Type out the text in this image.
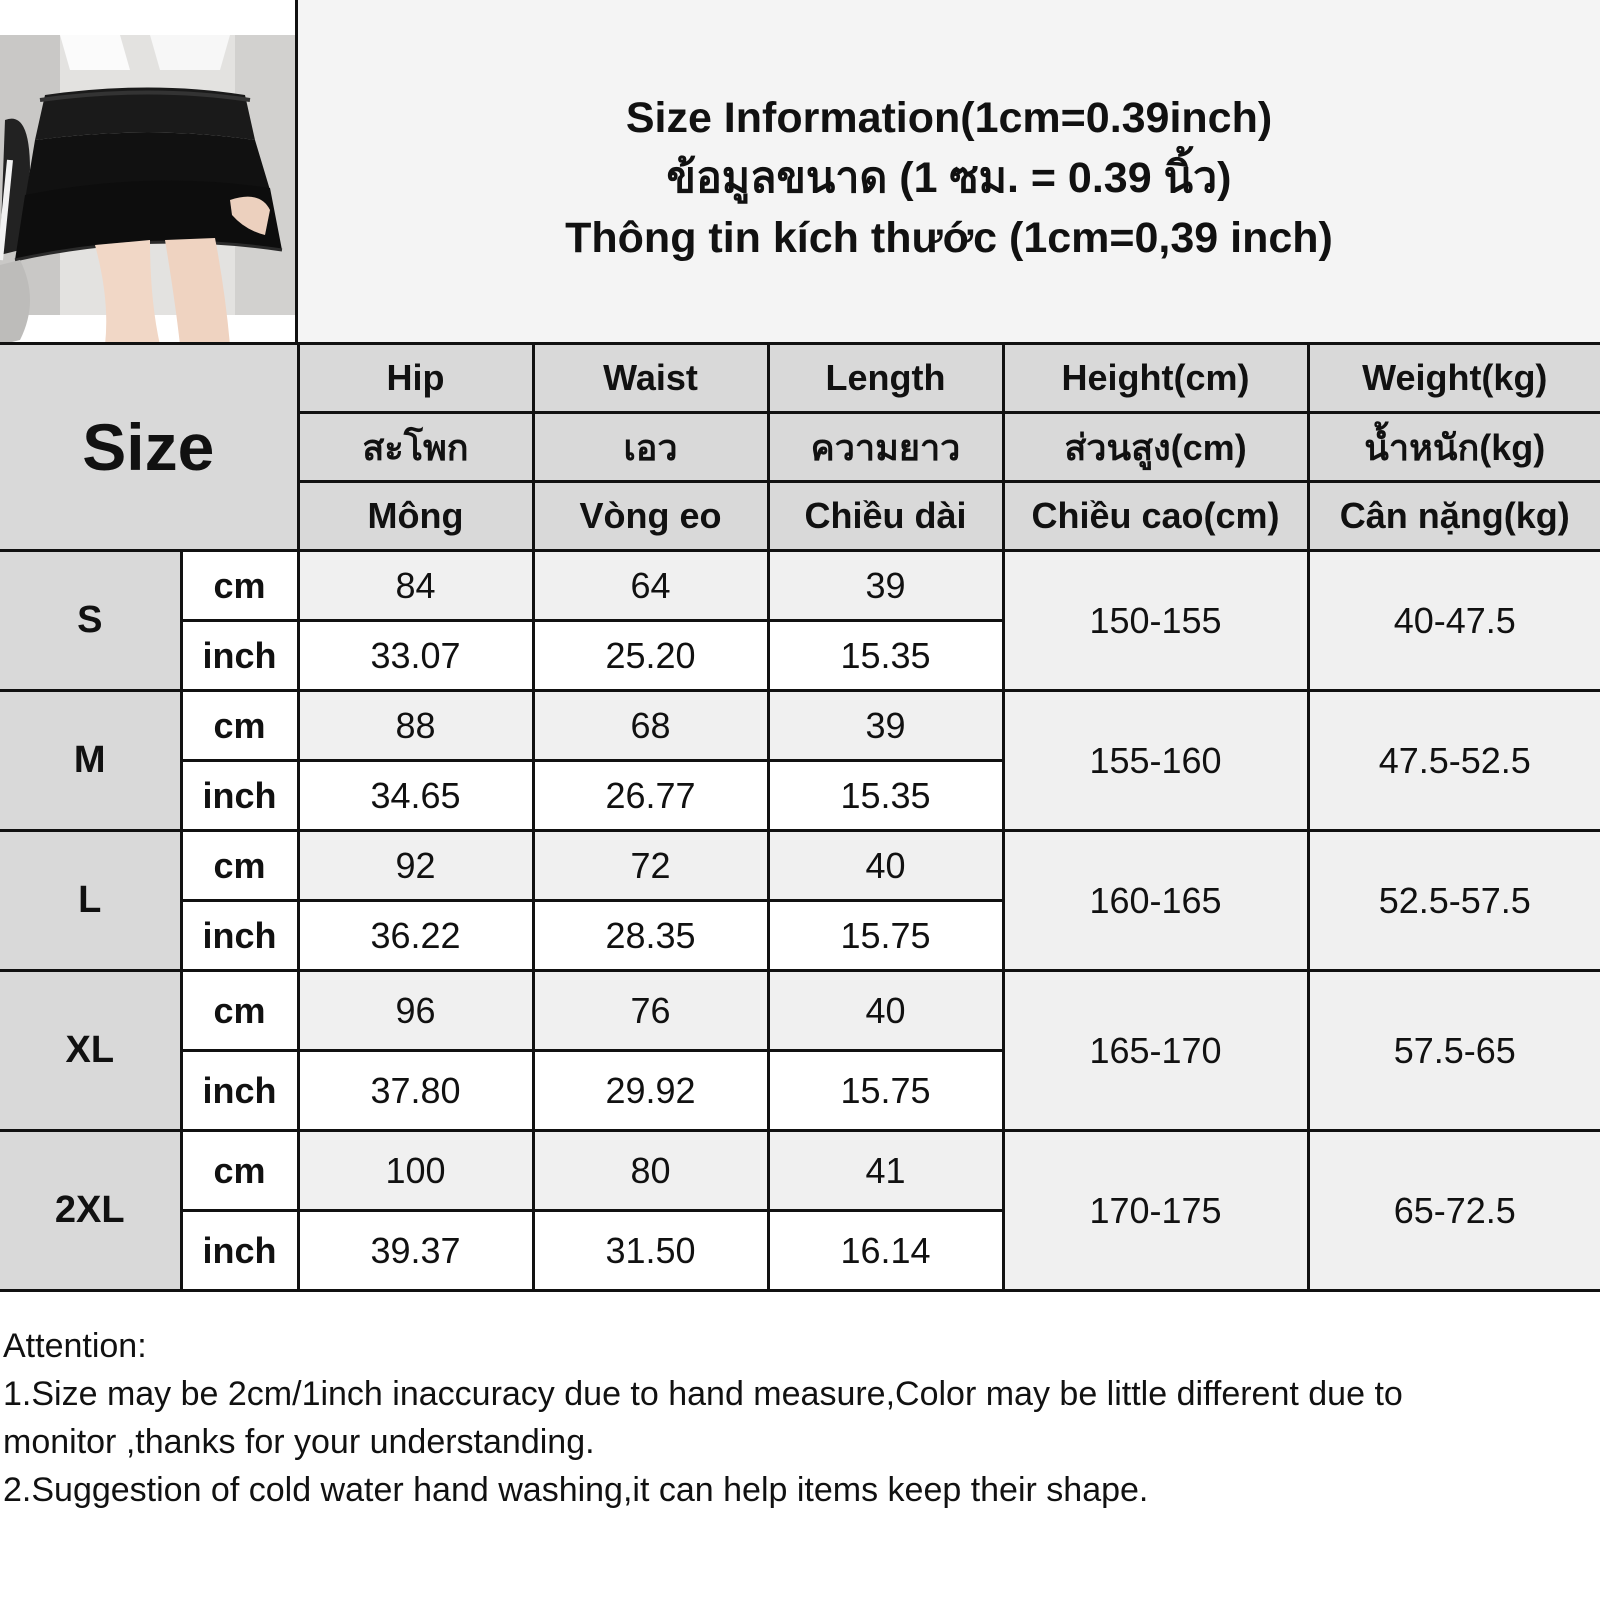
Size Information(1cm=0.39inch)
ข้อมูลขนาด (1 ซม. = 0.39 นิ้ว)
Thông tin kích thước (1cm=0,39 inch)
Size		Hip	Waist	Length	Height(cm)	Weight(kg)
		สะโพก	เอว	ความยาว	ส่วนสูง(cm)	น้ำหนัก(kg)
		Mông	Vòng eo	Chiều dài	Chiều cao(cm)	Cân nặng(kg)
S	cm	84	64	39	150-155	40-47.5
	inch	33.07	25.20	15.35		
M	cm	88	68	39	155-160	47.5-52.5
	inch	34.65	26.77	15.35		
L	cm	92	72	40	160-165	52.5-57.5
	inch	36.22	28.35	15.75		
XL	cm	96	76	40	165-170	57.5-65
	inch	37.80	29.92	15.75		
2XL	cm	100	80	41	170-175	65-72.5
	inch	39.37	31.50	16.14		

Attention:

1.Size may be 2cm/1inch inaccuracy due to hand measure,Color may be little different due to

monitor ,thanks for your understanding.

2.Suggestion of cold water hand washing,it can help items keep their shape.
